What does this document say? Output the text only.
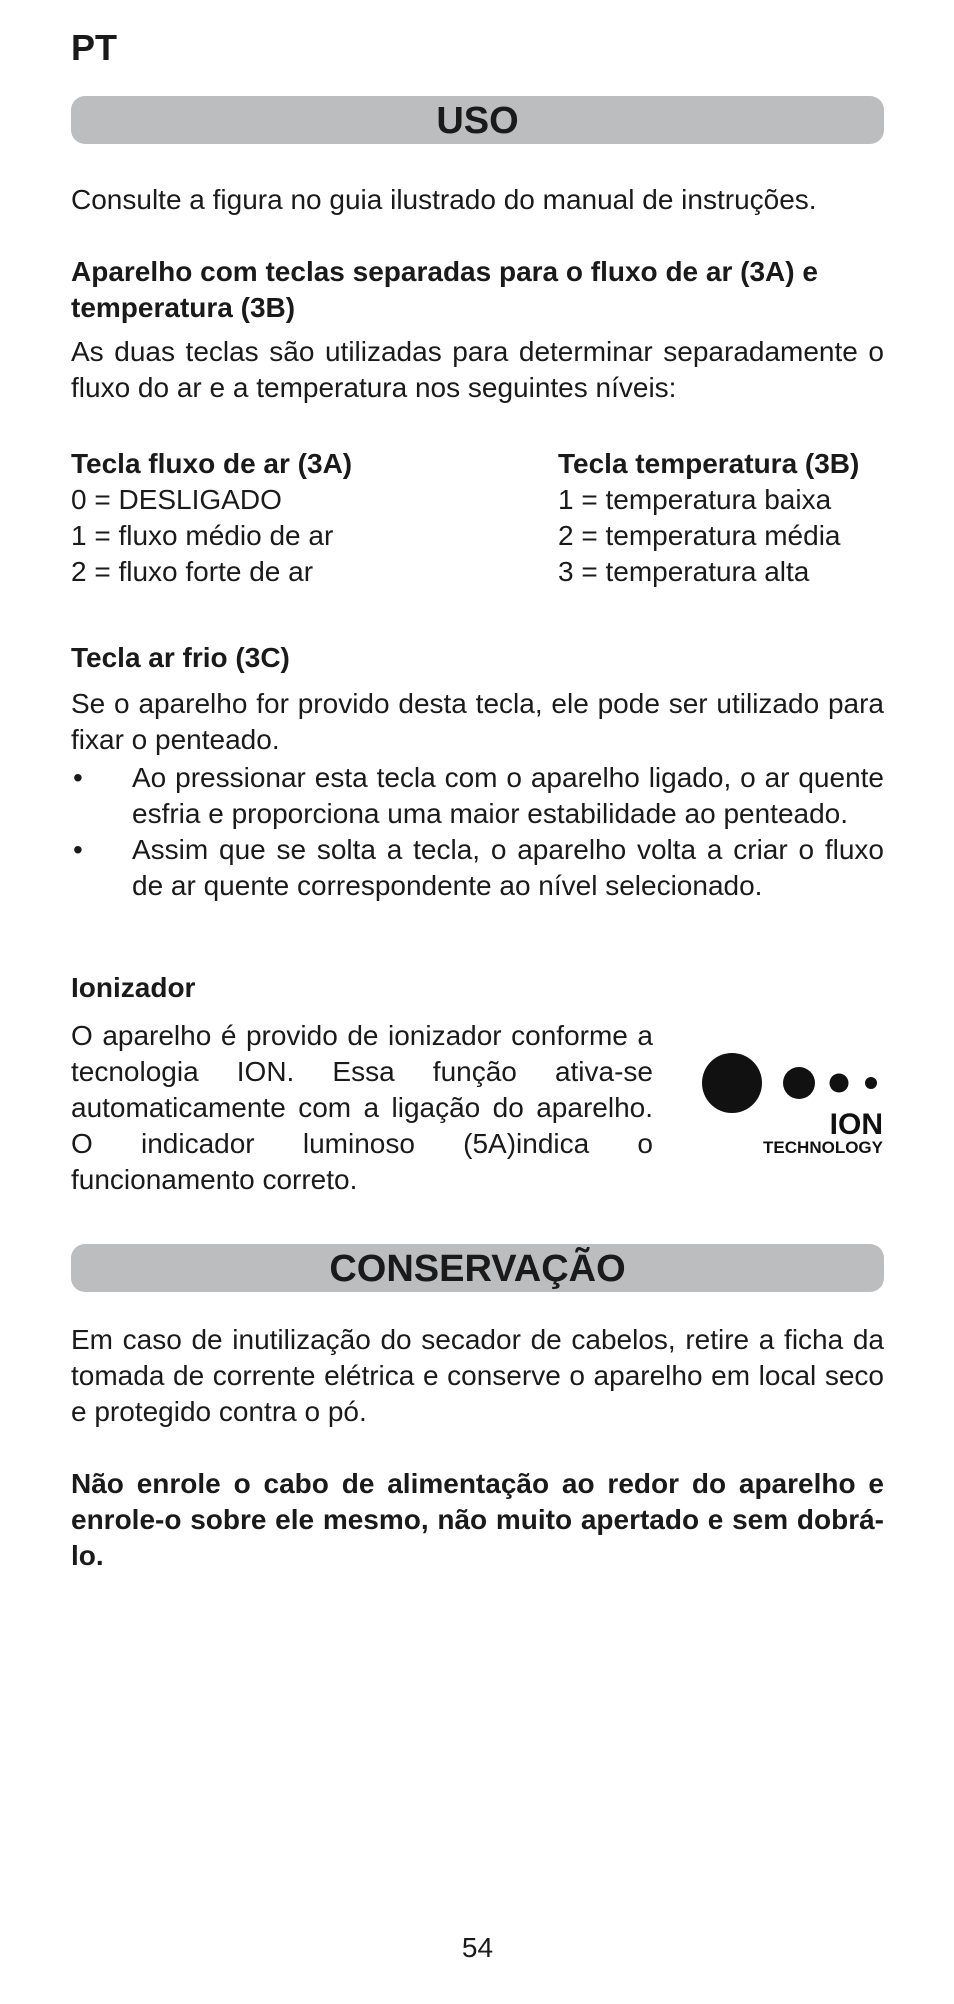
PT
USO
Consulte a figura no guia ilustrado do manual de instruções.
Aparelho com teclas separadas para o fluxo de ar (3A) e temperatura (3B)
As duas teclas são utilizadas para determinar separadamente o fluxo do ar e a temperatura nos seguintes níveis:
Tecla fluxo de ar (3A)
0 = DESLIGADO
1 = fluxo médio de ar
2 = fluxo forte de ar
Tecla temperatura (3B)
1 = temperatura baixa
2 = temperatura média
3 = temperatura alta
Tecla ar frio (3C)
Se o aparelho for provido desta tecla, ele pode ser utilizado para fixar o penteado.
• Ao pressionar esta tecla com o aparelho ligado, o ar quente esfria e proporciona uma maior estabilidade ao penteado.
• Assim que se solta a tecla, o aparelho volta a criar o fluxo de ar quente correspondente ao nível selecionado.
Ionizador
O aparelho é provido de ionizador conforme a tecnologia ION. Essa função ativa-se automaticamente com a ligação do aparelho. O indicador luminoso (5A)indica o funcionamento correto.
ION
TECHNOLOGY
CONSERVAÇÃO
Em caso de inutilização do secador de cabelos, retire a ficha da tomada de corrente elétrica e conserve o aparelho em local seco e protegido contra o pó.
Não enrole o cabo de alimentação ao redor do aparelho e enrole-o sobre ele mesmo, não muito apertado e sem dobrá-lo.
54
